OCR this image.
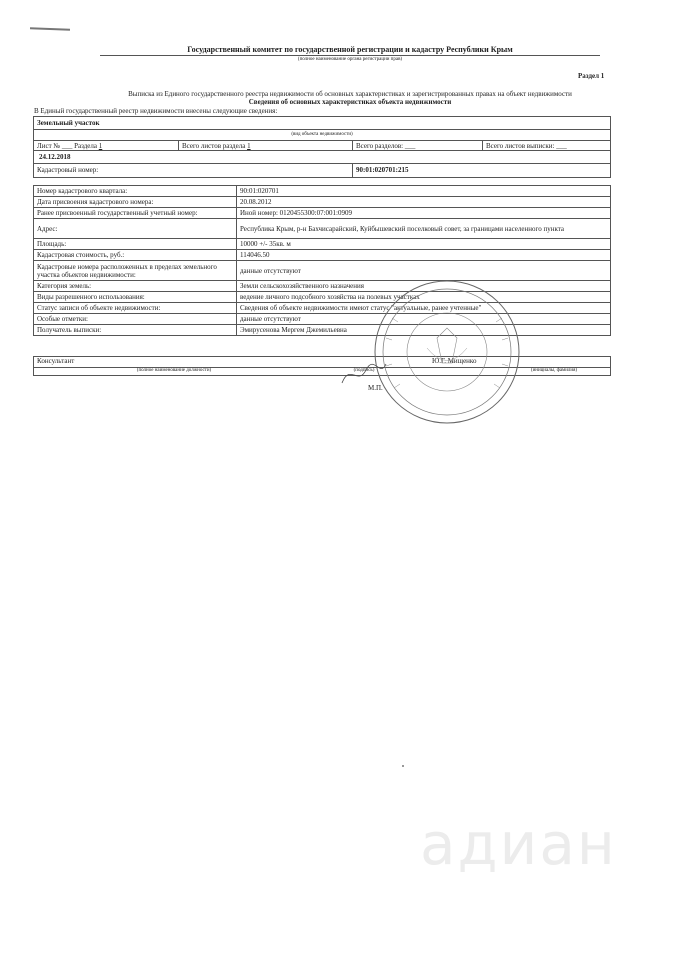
Государственный комитет по государственной регистрации и кадастру Республики Крым
(полное наименование органа регистрации прав)
Раздел 1
Выписка из Единого государственного реестра недвижимости об основных характеристиках и зарегистрированных правах на объект недвижимости
Сведения об основных характеристиках объекта недвижимости
В Единый государственный реестр недвижимости внесены следующие сведения:
Земельный участок
(вид объекта недвижимости)
Лист № ___ Раздела 1	Всего листов раздела 1	Всего разделов: ___	Всего листов выписки: ___
24.12.2018
Кадастровый номер:	90:01:020701:215
Номер кадастрового квартала:	90:01:020701
Дата присвоения кадастрового номера:	20.08.2012
Ранее присвоенный государственный учетный номер:	Иной номер: 0120455300:07:001:0909
Адрес:	Республика Крым, р-н Бахчисарайский, Куйбышевский поселковый совет, за границами населенного пункта
Площадь:	10000 +/- 35кв. м
Кадастровая стоимость, руб.:	114046.50
Кадастровые номера расположенных в пределах земельного участка объектов недвижимости:	данные отсутствуют
Категория земель:	Земли сельскохозяйственного назначения
Виды разрешенного использования:	ведение личного подсобного хозяйства на полевых участках
Статус записи об объекте недвижимости:	Сведения об объекте недвижимости имеют статус "актуальные, ранее учтенные"
Особые отметки:	данные отсутствуют
Получатель выписки:	Эмирусенова Мергем Джемильевна
Консультант
(полное наименование должности)	(подпись)
Ю.Г. Мищенко
(инициалы, фамилия)
М.П.
адиан
